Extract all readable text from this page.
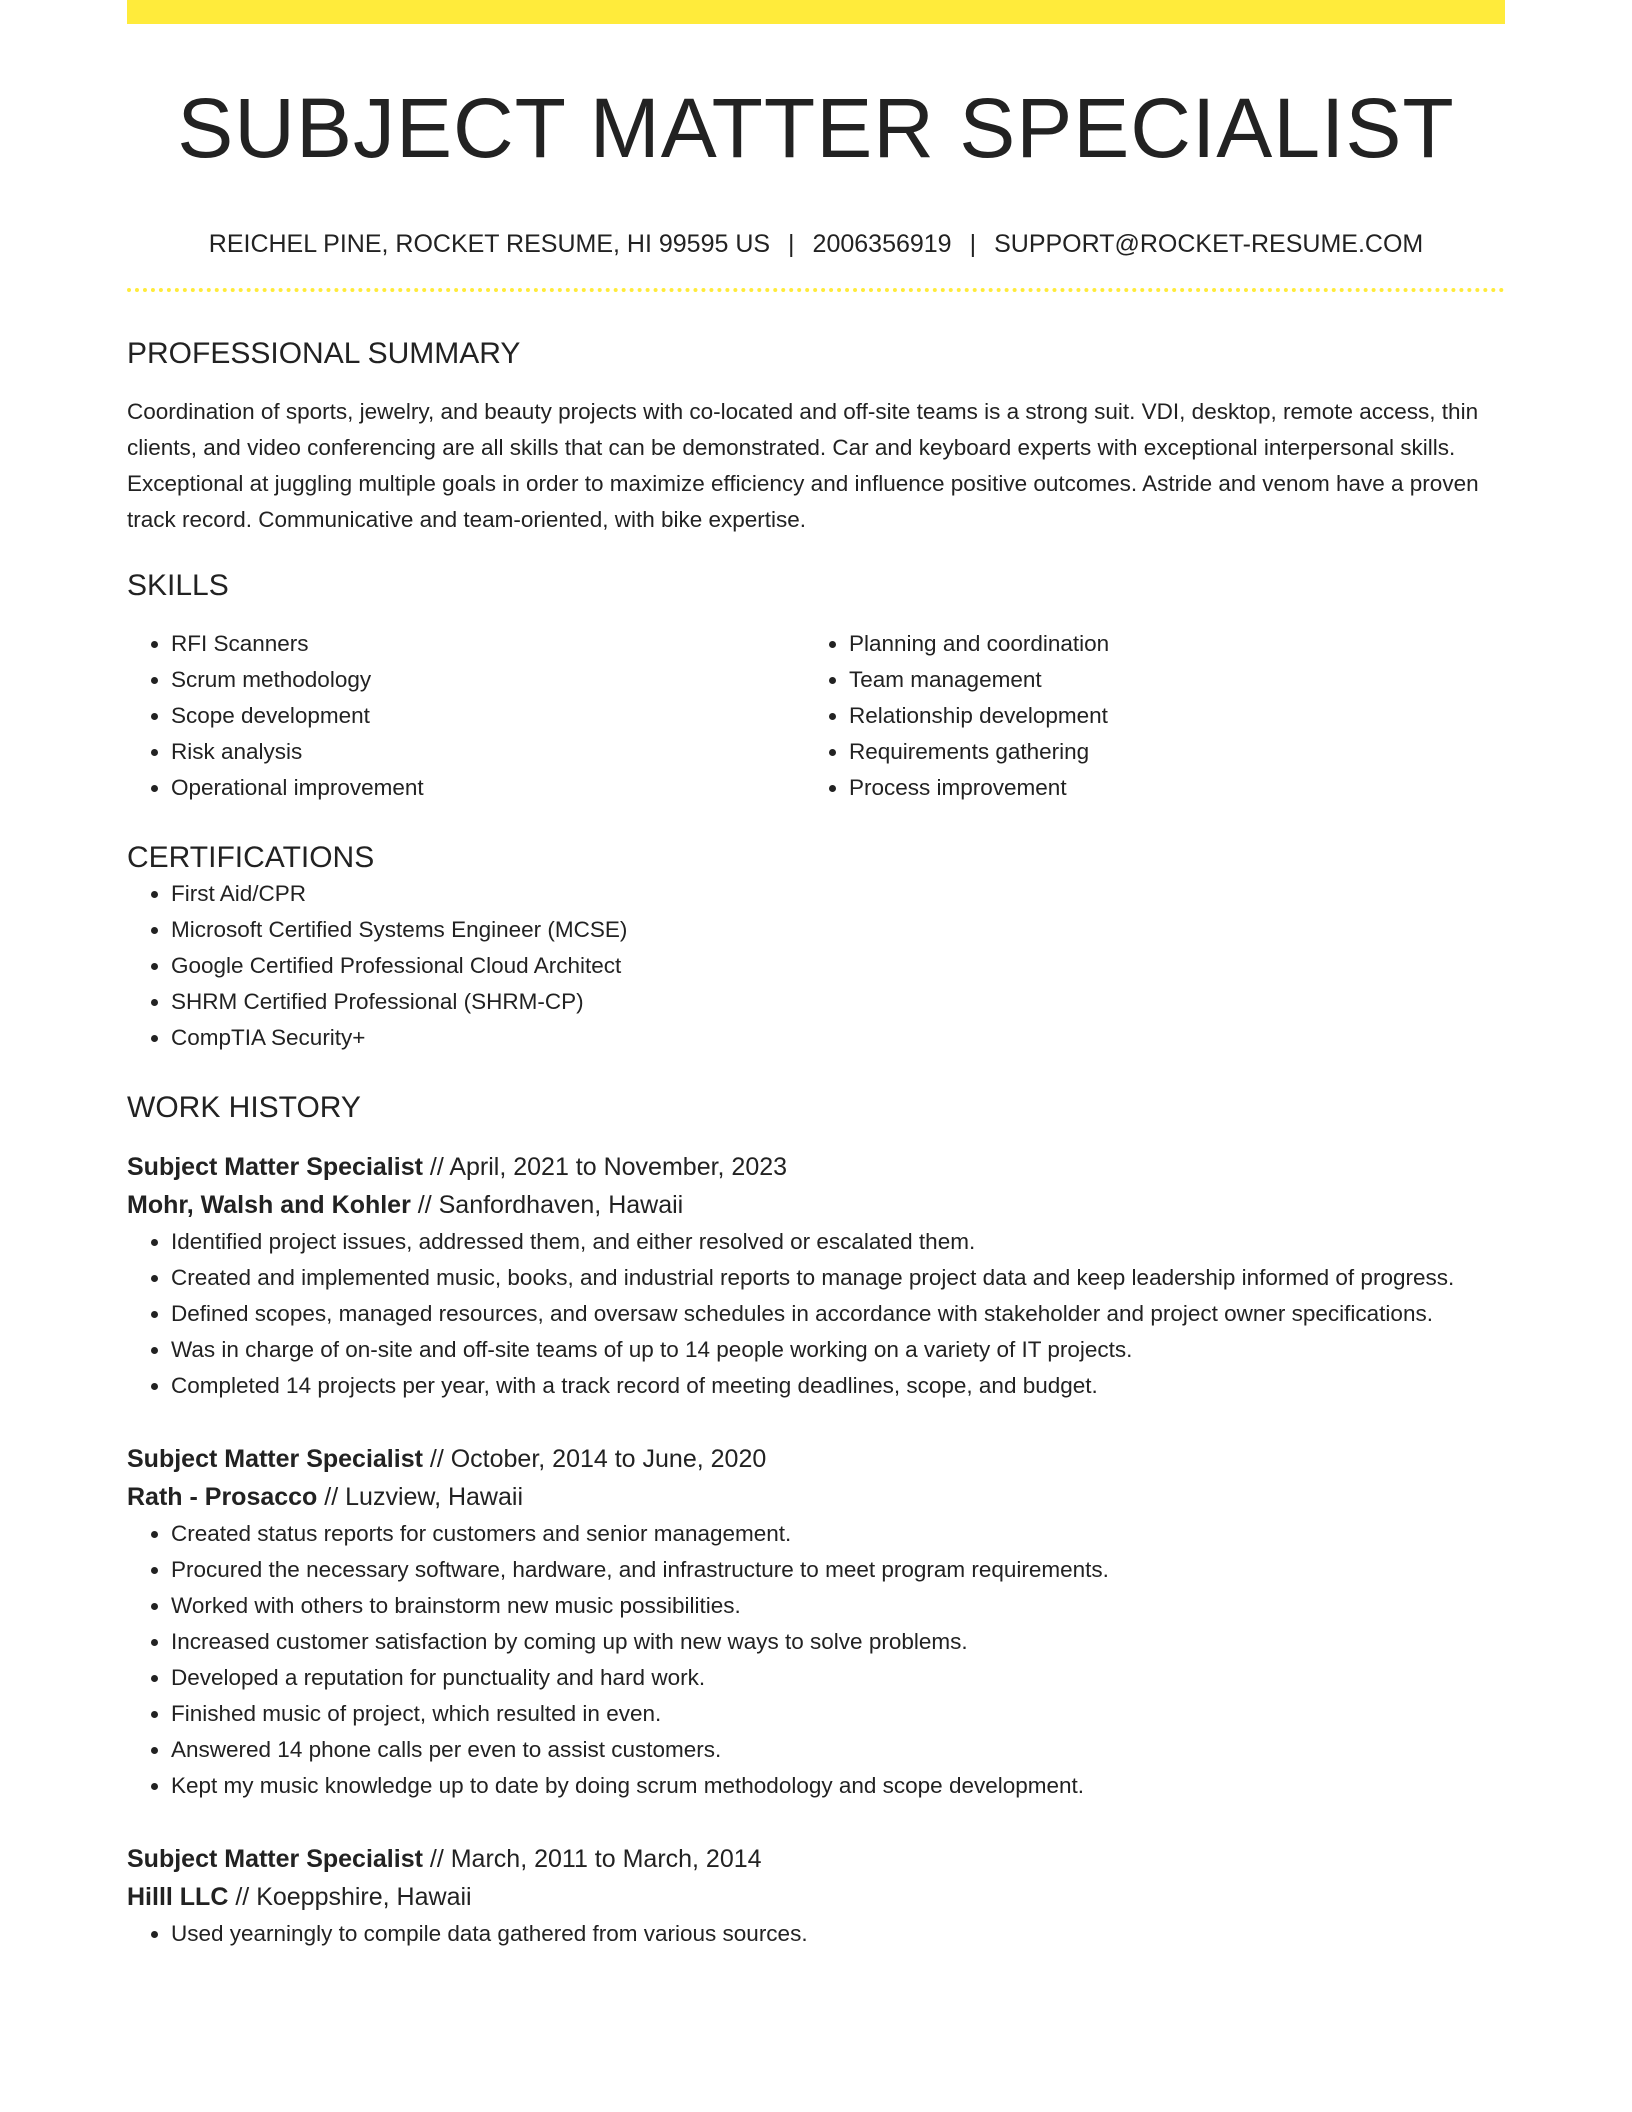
SUBJECT MATTER SPECIALIST
REICHEL PINE, ROCKET RESUME, HI 99595 US | 2006356919 | SUPPORT@ROCKET-RESUME.COM
PROFESSIONAL SUMMARY

Coordination of sports, jewelry, and beauty projects with co-located and off-site teams is a strong suit. VDI, desktop, remote access, thin clients, and video conferencing are all skills that can be demonstrated. Car and keyboard experts with exceptional interpersonal skills. Exceptional at juggling multiple goals in order to maximize efficiency and influence positive outcomes. Astride and venom have a proven track record. Communicative and team-oriented, with bike expertise.

SKILLS
• RFI Scanners
• Scrum methodology
• Scope development
• Risk analysis
• Operational improvement
• Planning and coordination
• Team management
• Relationship development
• Requirements gathering
• Process improvement
CERTIFICATIONS
• First Aid/CPR
• Microsoft Certified Systems Engineer (MCSE)
• Google Certified Professional Cloud Architect
• SHRM Certified Professional (SHRM-CP)
• CompTIA Security+
WORK HISTORY
Subject Matter Specialist // April, 2021 to November, 2023
Mohr, Walsh and Kohler // Sanfordhaven, Hawaii
• Identified project issues, addressed them, and either resolved or escalated them.
• Created and implemented music, books, and industrial reports to manage project data and keep leadership informed of progress.
• Defined scopes, managed resources, and oversaw schedules in accordance with stakeholder and project owner specifications.
• Was in charge of on-site and off-site teams of up to 14 people working on a variety of IT projects.
• Completed 14 projects per year, with a track record of meeting deadlines, scope, and budget.
Subject Matter Specialist // October, 2014 to June, 2020
Rath - Prosacco // Luzview, Hawaii
• Created status reports for customers and senior management.
• Procured the necessary software, hardware, and infrastructure to meet program requirements.
• Worked with others to brainstorm new music possibilities.
• Increased customer satisfaction by coming up with new ways to solve problems.
• Developed a reputation for punctuality and hard work.
• Finished music of project, which resulted in even.
• Answered 14 phone calls per even to assist customers.
• Kept my music knowledge up to date by doing scrum methodology and scope development.
Subject Matter Specialist // March, 2011 to March, 2014
Hilll LLC // Koeppshire, Hawaii
• Used yearningly to compile data gathered from various sources.
